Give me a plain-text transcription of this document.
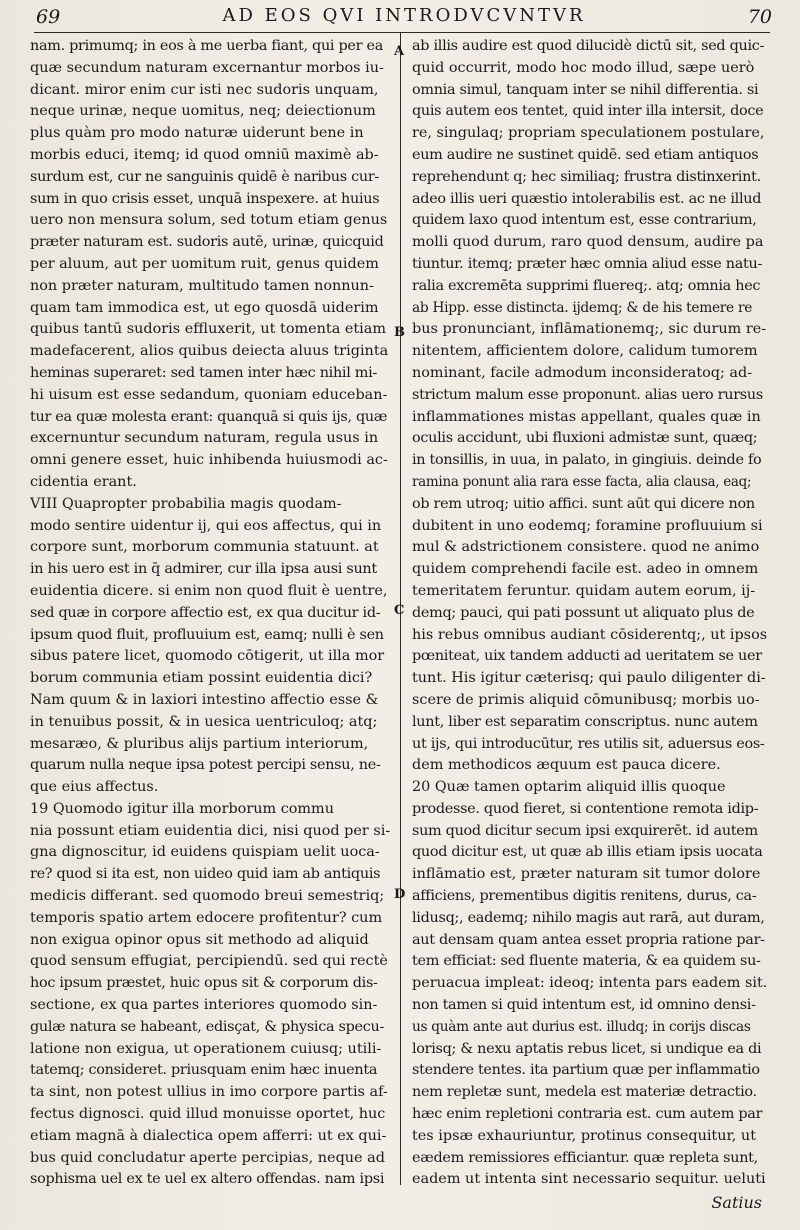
69	AD EOS QVI INTRODVCVNTVR	70
nam. primumq; in eos à me uerba fiant, qui per ea
quæ secundum naturam excernantur morbos iu-
dicant. miror enim cur isti nec sudoris unquam,
neque urinæ, neque uomitus, neq; deiectionum
plus quàm pro modo naturæ uiderunt bene in
morbis educi, itemq; id quod omniū maximè ab-
surdum est, cur ne sanguinis quidē è naribus cur-
sum in quo crisis esset, unquā inspexere. at huius
uero non mensura solum, sed totum etiam genus
præter naturam est. sudoris autē, urinæ, quicquid
per aluum, aut per uomitum ruit, genus quidem
non præter naturam, multitudo tamen nonnun-
quam tam immodica est, ut ego quosdā uiderim
quibus tantū sudoris effluxerit, ut tomenta etiam
madefacerent, alios quibus deiecta aluus triginta
heminas superaret: sed tamen inter hæc nihil mi-
hi uisum est esse sedandum, quoniam educeban-
tur ea quæ molesta erant: quanquā si quis ijs, quæ
excernuntur secundum naturam, regula usus in
omni genere esset, huic inhibenda huiusmodi ac-
cidentia erant.
VIII Quapropter probabilia magis quodam-
modo sentire uidentur ij, qui eos affectus, qui in
corpore sunt, morborum communia statuunt. at
in his uero est in q̄ admirer, cur illa ipsa ausi sunt
euidentia dicere. si enim non quod fluit è uentre,
sed quæ in corpore affectio est, ex qua ducitur id-
ipsum quod fluit, profluuium est, eamq; nulli è sen
sibus patere licet, quomodo cōtigerit, ut illa mor
borum communia etiam possint euidentia dici?
Nam quum & in laxiori intestino affectio esse &
in tenuibus possit, & in uesica uentriculoq; atq;
mesaræo, & pluribus alijs partium interiorum,
quarum nulla neque ipsa potest percipi sensu, ne-
que eius affectus.
19 Quomodo igitur illa morborum commu
nia possunt etiam euidentia dici, nisi quod per si-
gna dignoscitur, id euidens quispiam uelit uoca-
re? quod si ita est, non uideo quid iam ab antiquis
medicis differant. sed quomodo breui semestriq;
temporis spatio artem edocere profitentur? cum
non exigua opinor opus sit methodo ad aliquid
quod sensum effugiat, percipiendū. sed qui rectè
hoc ipsum præstet, huic opus sit & corporum dis-
sectione, ex qua partes interiores quomodo sin-
gulæ natura se habeant, edisçat, & physica specu-
latione non exigua, ut operationem cuiusq; utili-
tatemq; consideret. priusquam enim hæc inuenta
ta sint, non potest ullius in imo corpore partis af-
fectus dignosci. quid illud monuisse oportet, huc
etiam magnā à dialectica opem afferri: ut ex qui-
bus quid concludatur aperte percipias, neque ad
sophisma uel ex te uel ex altero offendas. nam ipsi
ab illis audire est quod dilucidè dictū sit, sed quic-
quid occurrit, modo hoc modo illud, sæpe uerò
omnia simul, tanquam inter se nihil differentia. si
quis autem eos tentet, quid inter illa intersit, doce
re, singulaq; propriam speculationem postulare,
eum audire ne sustinet quidē. sed etiam antiquos
reprehendunt q; hec similiaq; frustra distinxerint.
adeo illis ueri quæstio intolerabilis est. ac ne illud
quidem laxo quod intentum est, esse contrarium,
molli quod durum, raro quod densum, audire pa
tiuntur. itemq; præter hæc omnia aliud esse natu-
ralia excremēta supprimi fluereq;. atq; omnia hec
ab Hipp. esse distincta. ijdemq; & de his temere re
bus pronunciant, inflāmationemq;, sic durum re-
nitentem, afficientem dolore, calidum tumorem
nominant, facile admodum inconsideratoq; ad-
strictum malum esse proponunt. alias uero rursus
inflammationes mistas appellant, quales quæ in
oculis accidunt, ubi fluxioni admistæ sunt, quæq;
in tonsillis, in uua, in palato, in gingiuis. deinde fo
ramina ponunt alia rara esse facta, alia clausa, eaq;
ob rem utroq; uitio affici. sunt aūt qui dicere non
dubitent in uno eodemq; foramine profluuium si
mul & adstrictionem consistere. quod ne animo
quidem comprehendi facile est. adeo in omnem
temeritatem feruntur. quidam autem eorum, ij-
demq; pauci, qui pati possunt ut aliquato plus de
his rebus omnibus audiant cōsiderentq;, ut ipsos
pœniteat, uix tandem adducti ad ueritatem se uer
tunt. His igitur cæterisq; qui paulo diligenter di-
scere de primis aliquid cōmunibusq; morbis uo-
lunt, liber est separatim conscriptus. nunc autem
ut ijs, qui introducūtur, res utilis sit, aduersus eos-
dem methodicos æquum est pauca dicere.
20 Quæ tamen optarim aliquid illis quoque
prodesse. quod fieret, si contentione remota idip-
sum quod dicitur secum ipsi exquirerēt. id autem
quod dicitur est, ut quæ ab illis etiam ipsis uocata
inflāmatio est, præter naturam sit tumor dolore
afficiens, prementibus digitis renitens, durus, ca-
lidusq;, eademq; nihilo magis aut rarā, aut duram,
aut densam quam antea esset propria ratione par-
tem efficiat: sed fluente materia, & ea quidem su-
peruacua impleat: ideoq; intenta pars eadem sit.
non tamen si quid intentum est, id omnino densi-
us quàm ante aut durius est. illudq; in corijs discas
lorisq; & nexu aptatis rebus licet, si undique ea di
stendere tentes. ita partium quæ per inflammatio
nem repletæ sunt, medela est materiæ detractio.
hæc enim repletioni contraria est. cum autem par
tes ipsæ exhauriuntur, protinus consequitur, ut
eædem remissiores efficiantur. quæ repleta sunt,
eadem ut intenta sint necessario sequitur. ueluti
A
B
C
D
Satius
